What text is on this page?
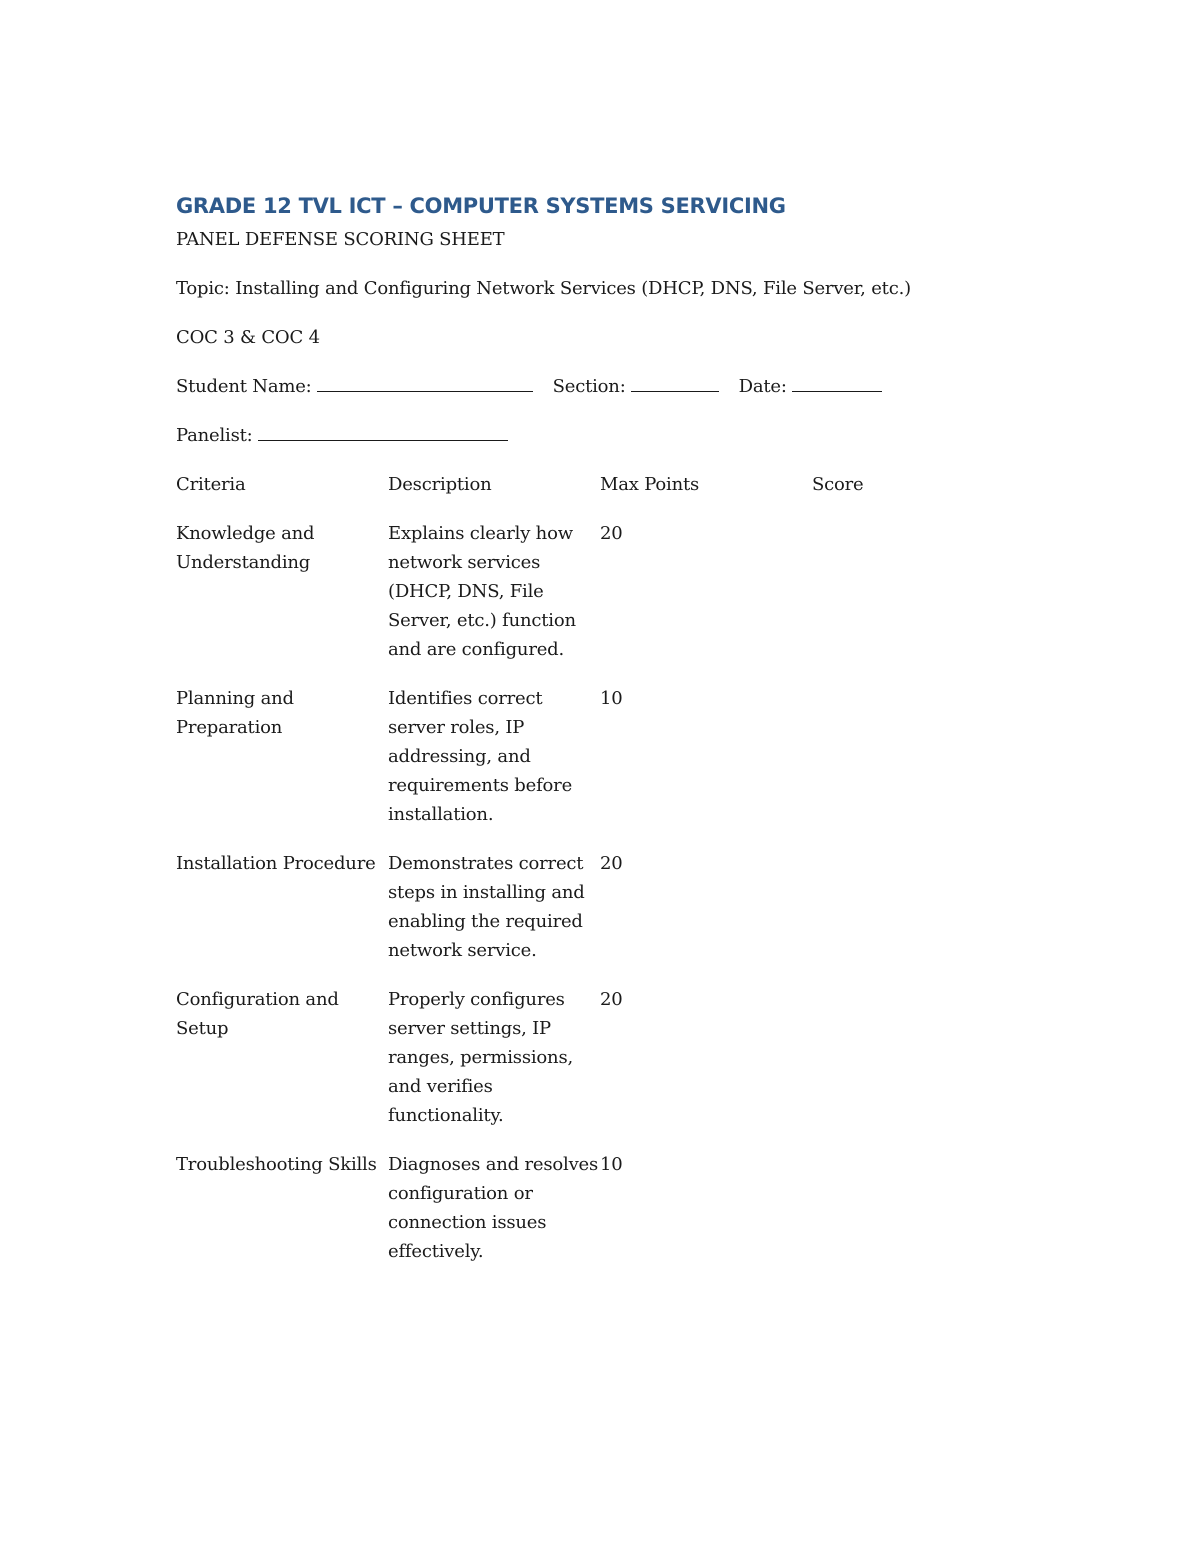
GRADE 12 TVL ICT – COMPUTER SYSTEMS SERVICING

PANEL DEFENSE SCORING SHEET

Topic: Installing and Configuring Network Services (DHCP, DNS, File Server, etc.)

COC 3 & COC 4

Student Name:	Section:	Date:

Panelist:

Criteria	Description	Max Points	Score
Knowledge and Understanding	Explains clearly how network services (DHCP, DNS, File Server, etc.) function and are configured.	20	
Planning and Preparation	Identifies correct server roles, IP addressing, and requirements before installation.	10	
Installation Procedure	Demonstrates correct steps in installing and enabling the required network service.	20	
Configuration and Setup	Properly configures server settings, IP ranges, permissions, and verifies functionality.	20	
Troubleshooting Skills	Diagnoses and resolves configuration or connection issues effectively.	10	
